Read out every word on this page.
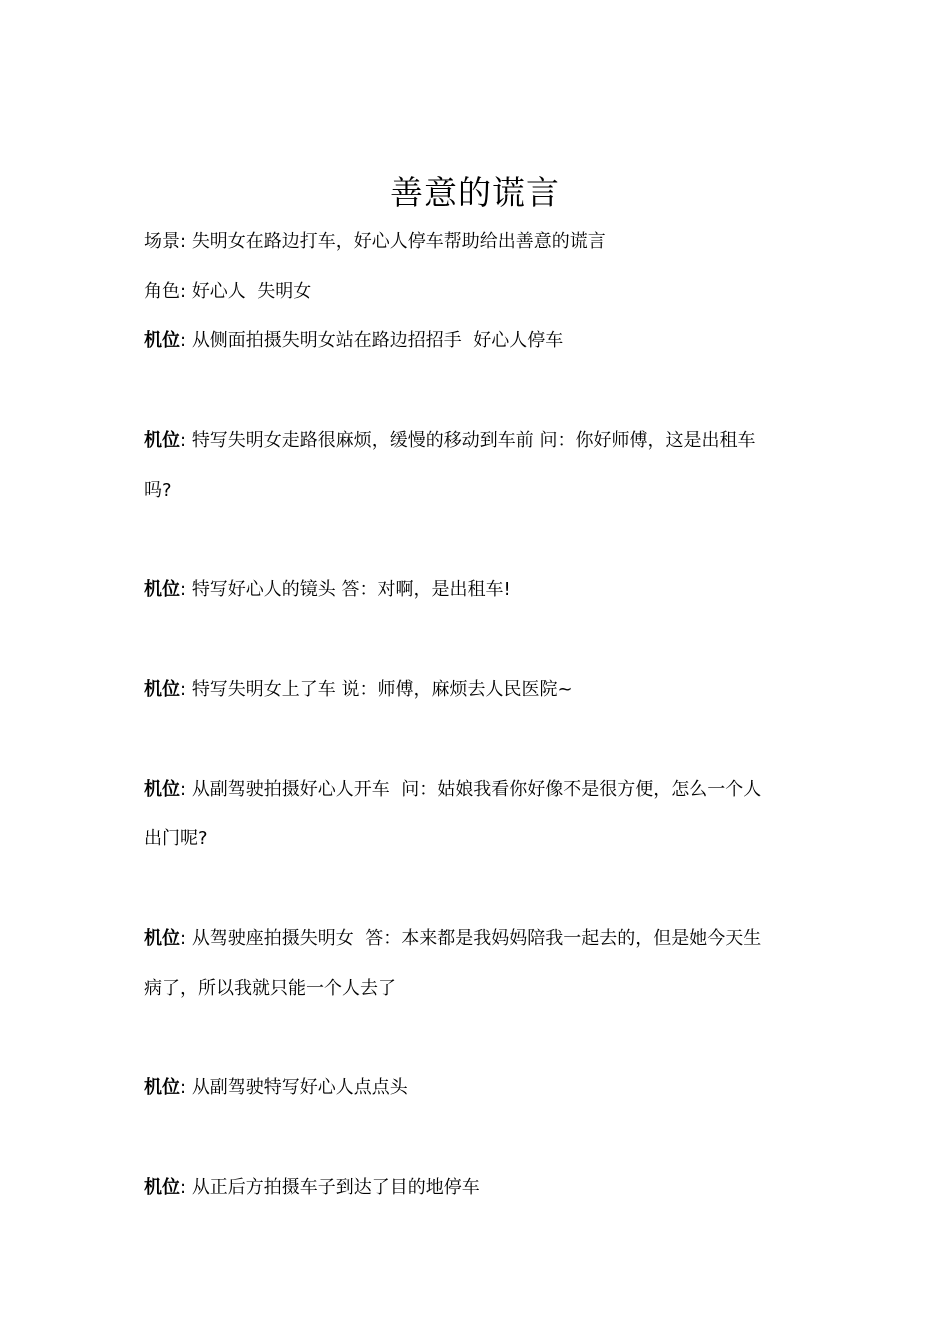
善意的谎言
场景: 失明女在路边打车，好心人停车帮助给出善意的谎言
角色: 好心人  失明女
机位: 从侧面拍摄失明女站在路边招招手  好心人停车
机位: 特写失明女走路很麻烦，缓慢的移动到车前 问：你好师傅，这是出租车
吗?
机位: 特写好心人的镜头 答：对啊，是出租车!
机位: 特写失明女上了车 说：师傅，麻烦去人民医院~
机位: 从副驾驶拍摄好心人开车  问：姑娘我看你好像不是很方便，怎么一个人
出门呢?
机位: 从驾驶座拍摄失明女  答：本来都是我妈妈陪我一起去的，但是她今天生
病了，所以我就只能一个人去了
机位: 从副驾驶特写好心人点点头
机位: 从正后方拍摄车子到达了目的地停车
